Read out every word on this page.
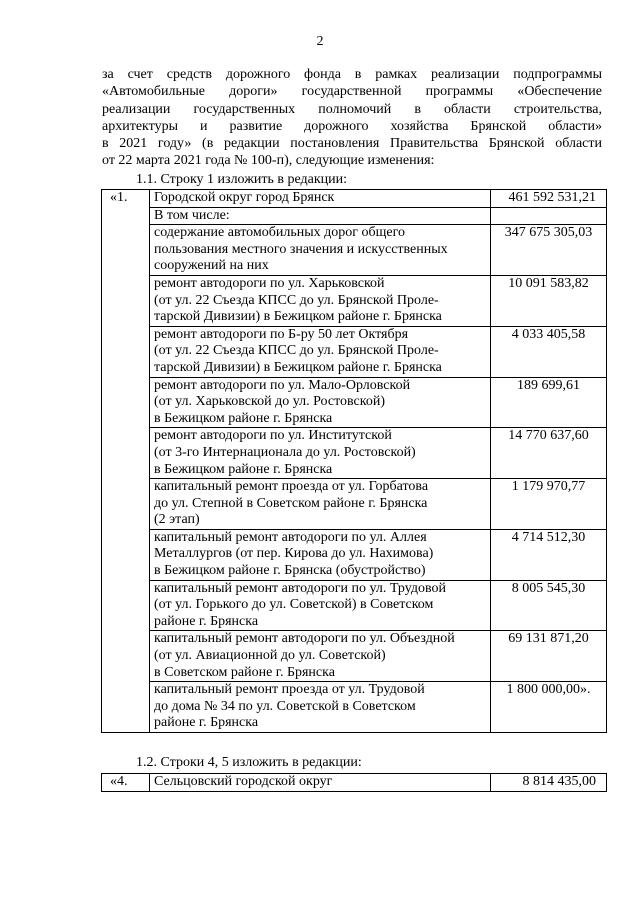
2
за счет средств дорожного фонда в рамках реализации подпрограммы
«Автомобильные дороги» государственной программы «Обеспечение
реализации государственных полномочий в области строительства,
архитектуры и развитие дорожного хозяйства Брянской области»
в 2021 году» (в редакции постановления Правительства Брянской области
от 22 марта 2021 года № 100-п), следующие изменения:
1.1. Строку 1 изложить в редакции:
«1.	Городской округ город Брянск	461 592 531,21
	В том числе:	
	содержание автомобильных дорог общего
пользования местного значения и искусственных
сооружений на них	347 675 305,03
	ремонт автодороги по ул. Харьковской
(от ул. 22 Съезда КПСС до ул. Брянской Проле-
тарской Дивизии) в Бежицком районе г. Брянска	10 091 583,82
	ремонт автодороги по Б-ру 50 лет Октября
(от ул. 22 Съезда КПСС до ул. Брянской Проле-
тарской Дивизии) в Бежицком районе г. Брянска	4 033 405,58
	ремонт автодороги по ул. Мало-Орловской
(от ул. Харьковской до ул. Ростовской)
в Бежицком районе г. Брянска	189 699,61
	ремонт автодороги по ул. Институтской
(от 3-го Интернационала до ул. Ростовской)
в Бежицком районе г. Брянска	14 770 637,60
	капитальный ремонт проезда от ул. Горбатова
до ул. Степной в Советском районе г. Брянска
(2 этап)	1 179 970,77
	капитальный ремонт автодороги по ул. Аллея
Металлургов (от пер. Кирова до ул. Нахимова)
в Бежицком районе г. Брянска (обустройство)	4 714 512,30
	капитальный ремонт автодороги по ул. Трудовой
(от ул. Горького до ул. Советской) в Советском
районе г. Брянска	8 005 545,30
	капитальный ремонт автодороги по ул. Объездной
(от ул. Авиационной до ул. Советской)
в Советском районе г. Брянска	69 131 871,20
	капитальный ремонт проезда от ул. Трудовой
до дома № 34 по ул. Советской в Советском
районе г. Брянска	1 800 000,00».
1.2. Строки 4, 5 изложить в редакции:
«4.	Сельцовский городской округ	8 814 435,00
